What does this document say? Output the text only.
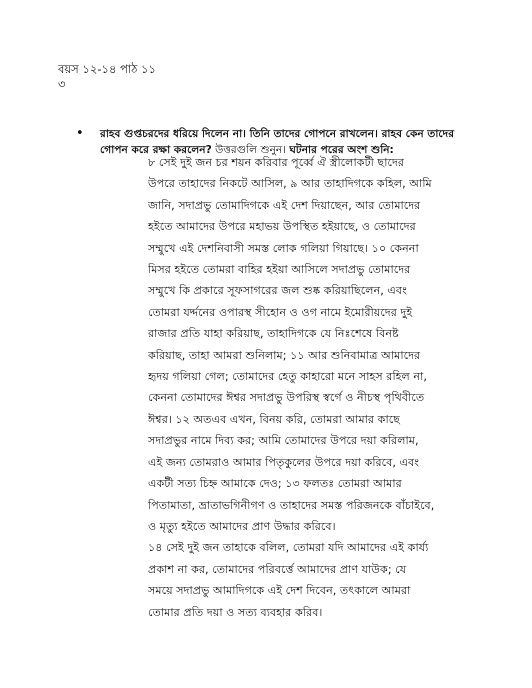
বয়স ১২-১৪ পাঠ ১১
৩
• রাহব গুপ্তচরদের ধরিয়ে দিলেন না। তিনি তাদের গোপনে রাখলেন। রাহব কেন তাদের গোপন করে রক্ষা করলেন? উত্তরগুলি শুনুন। ঘটনার পরের অংশ শুনি:
৮ সেই দুই জন চর শয়ন করিবার পূর্ব্বে ঐ স্ত্রীলোকটী ছাদের
উপরে তাহাদের নিকটে আসিল, ৯ আর তাহাদিগকে কহিল, আমি
জানি, সদাপ্রভু তোমাদিগকে এই দেশ দিয়াছেন, আর তোমাদের
হইতে আমাদের উপরে মহাভয় উপস্থিত হইয়াছে, ও তোমাদের
সম্মুখে এই দেশনিবাসী সমস্ত লোক গলিয়া গিয়াছে। ১০ কেননা
মিসর হইতে তোমরা বাহির হইয়া আসিলে সদাপ্রভু তোমাদের
সম্মুখে কি প্রকারে সূফসাগরের জল শুষ্ক করিয়াছিলেন, এবং
তোমরা যর্দ্দনের ওপারস্থ সীহোন ও ওগ নামে ইমোরীয়দের দুই
রাজার প্রতি যাহা করিয়াছ, তাহাদিগকে যে নিঃশেষে বিনষ্ট
করিয়াছ, তাহা আমরা শুনিলাম; ১১ আর শুনিবামাত্র আমাদের
হৃদয় গলিয়া গেল; তোমাদের হেতু কাহারো মনে সাহস রহিল না,
কেননা তোমাদের ঈশ্বর সদাপ্রভু উপরিস্থ স্বর্গে ও নীচস্থ পৃথিবীতে
ঈশ্বর। ১২ অতএব এখন, বিনয় করি, তোমরা আমার কাছে
সদাপ্রভুর নামে দিব্য কর; আমি তোমাদের উপরে দয়া করিলাম,
এই জন্য তোমরাও আমার পিতৃকুলের উপরে দয়া করিবে, এবং
একটী সত্য চিহ্ন আমাকে দেও; ১৩ ফলতঃ তোমরা আমার
পিতামাতা, ভ্রাতাভগিনীগণ ও তাহাদের সমস্ত পরিজনকে বাঁচাইবে,
ও মৃত্যু হইতে আমাদের প্রাণ উদ্ধার করিবে।
১৪ সেই দুই জন তাহাকে বলিল, তোমরা যদি আমাদের এই কার্য্য
প্রকাশ না কর, তোমাদের পরিবর্ত্তে আমাদের প্রাণ যাউক; যে
সময়ে সদাপ্রভু আমাদিগকে এই দেশ দিবেন, তৎকালে আমরা
তোমার প্রতি দয়া ও সত্য ব্যবহার করিব।
